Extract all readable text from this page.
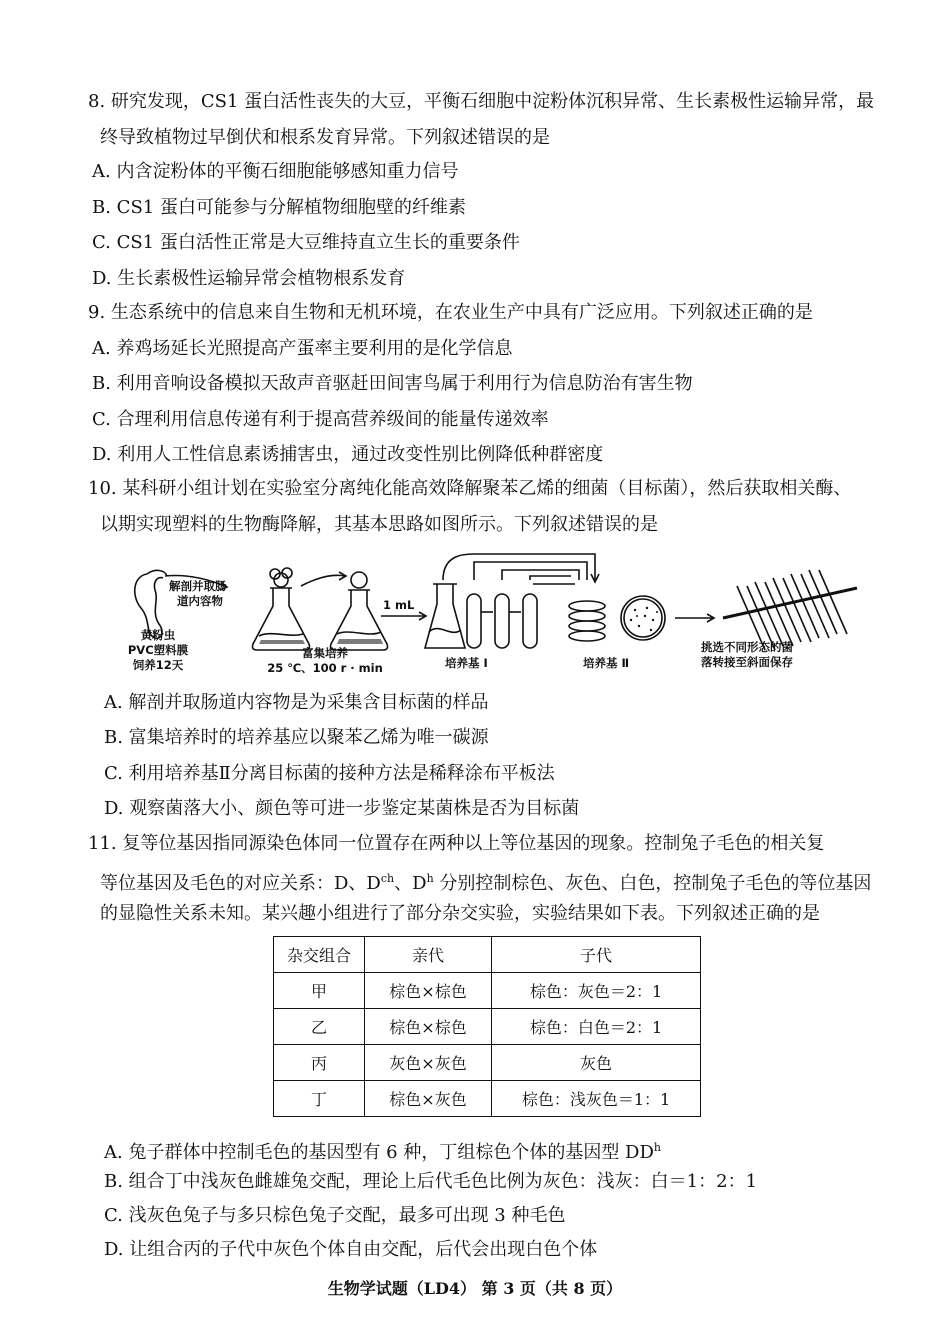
8. 研究发现，CS1 蛋白活性丧失的大豆，平衡石细胞中淀粉体沉积异常、生长素极性运输异常，最
终导致植物过早倒伏和根系发育异常。下列叙述错误的是
A. 内含淀粉体的平衡石细胞能够感知重力信号
B. CS1 蛋白可能参与分解植物细胞壁的纤维素
C. CS1 蛋白活性正常是大豆维持直立生长的重要条件
D. 生长素极性运输异常会植物根系发育
9. 生态系统中的信息来自生物和无机环境，在农业生产中具有广泛应用。下列叙述正确的是
A. 养鸡场延长光照提高产蛋率主要利用的是化学信息
B. 利用音响设备模拟天敌声音驱赶田间害鸟属于利用行为信息防治有害生物
C. 合理利用信息传递有利于提高营养级间的能量传递效率
D. 利用人工性信息素诱捕害虫，通过改变性别比例降低种群密度
10. 某科研小组计划在实验室分离纯化能高效降解聚苯乙烯的细菌（目标菌），然后获取相关酶、
以期实现塑料的生物酶降解，其基本思路如图所示。下列叙述错误的是
解剖并取肠
道内容物
黄粉虫
PVC塑料膜
饲养12天
富集培养
25 ℃、100 r · min
1 mL
培养基 I	培养基 Ⅱ
挑选不同形态的菌
落转接至斜面保存
A. 解剖并取肠道内容物是为采集含目标菌的样品
B. 富集培养时的培养基应以聚苯乙烯为唯一碳源
C. 利用培养基Ⅱ分离目标菌的接种方法是稀释涂布平板法
D. 观察菌落大小、颜色等可进一步鉴定某菌株是否为目标菌
11. 复等位基因指同源染色体同一位置存在两种以上等位基因的现象。控制兔子毛色的相关复
等位基因及毛色的对应关系：D、$D^{ch}$、$D^h$ 分别控制棕色、灰色、白色，控制兔子毛色的等位基因
的显隐性关系未知。某兴趣小组进行了部分杂交实验，实验结果如下表。下列叙述正确的是
杂交组合	亲代	子代
甲	棕色×棕色	棕色：灰色＝2：1
乙	棕色×棕色	棕色：白色＝2：1
丙	灰色×灰色	灰色
丁	棕色×灰色	棕色：浅灰色＝1：1
A. 兔子群体中控制毛色的基因型有 6 种，丁组棕色个体的基因型 $DD^h$
B. 组合丁中浅灰色雌雄兔交配，理论上后代毛色比例为灰色：浅灰：白＝1：2：1
C. 浅灰色兔子与多只棕色兔子交配，最多可出现 3 种毛色
D. 让组合丙的子代中灰色个体自由交配，后代会出现白色个体
生物学试题（LD4） 第 3 页（共 8 页）
